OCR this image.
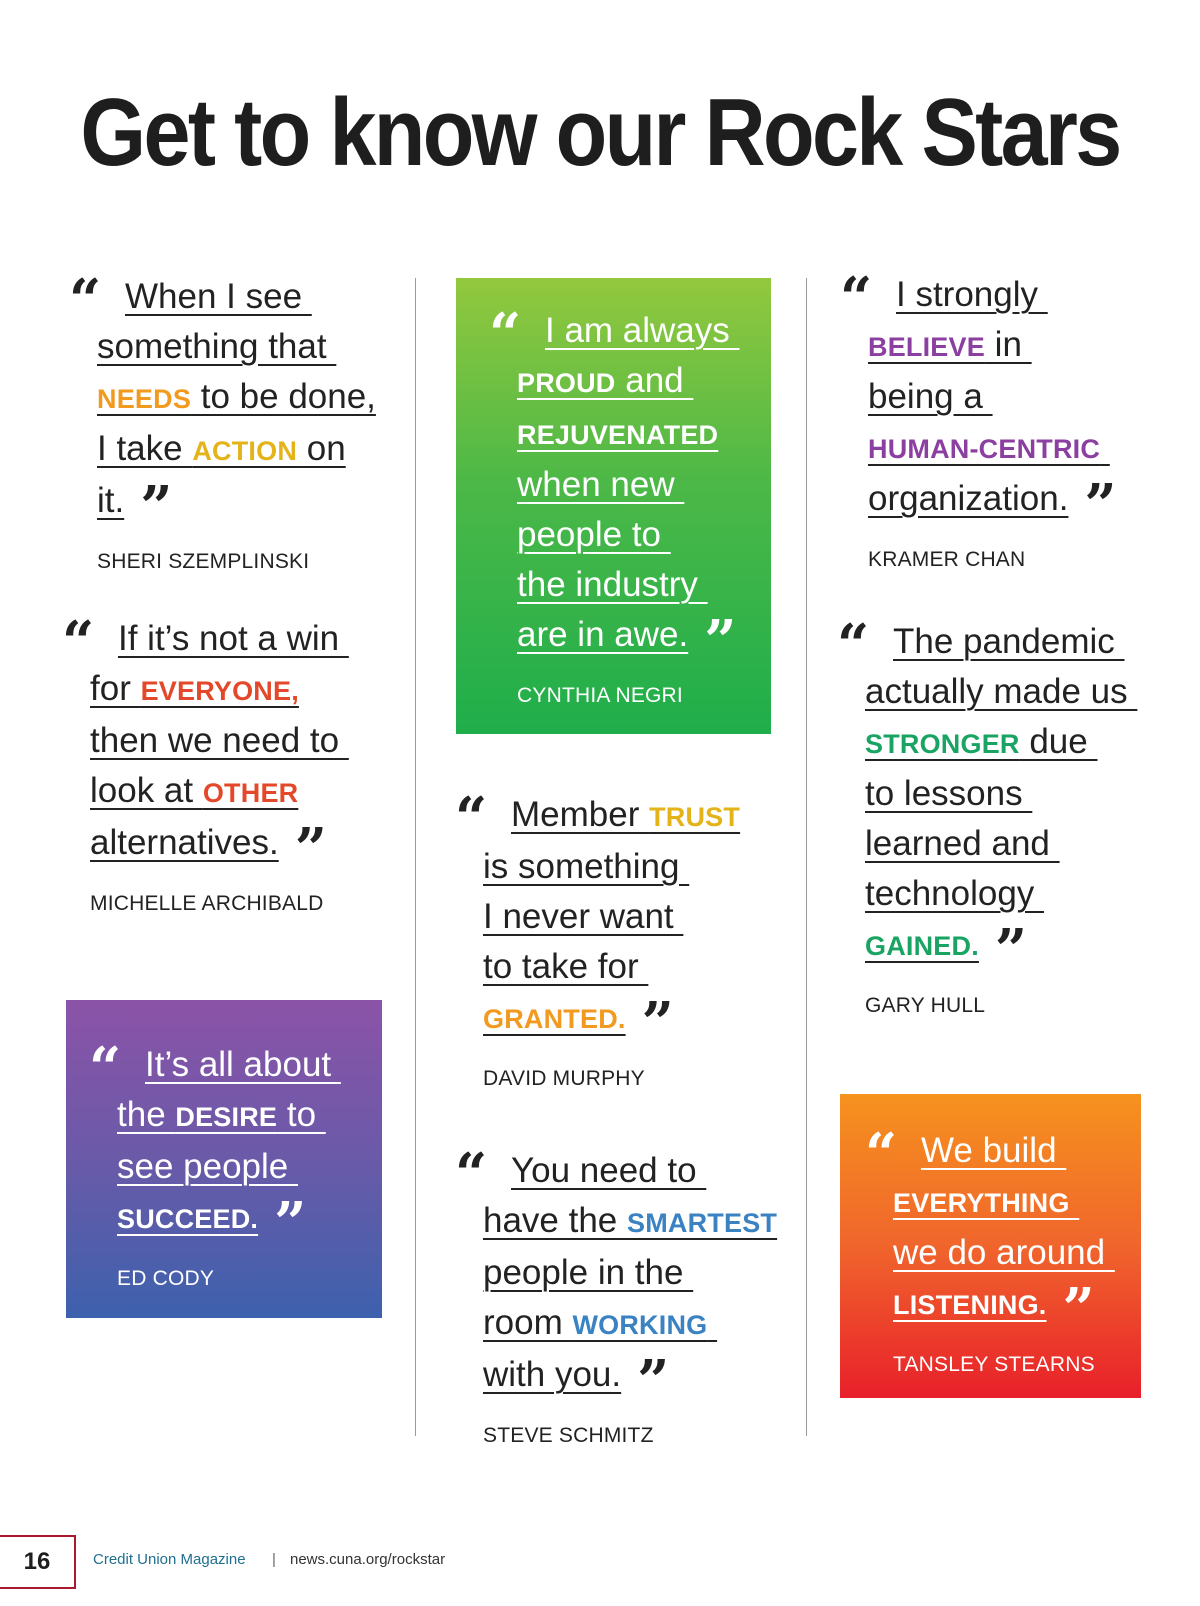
Get to know our Rock Stars
“ When I see
something that
NEEDS to be done,
I take ACTION on
it. ”
SHERI SZEMPLINSKI
“ If it’s not a win
for EVERYONE,
then we need to
look at OTHER
alternatives. ”
MICHELLE ARCHIBALD
“ It’s all about
the DESIRE to
see people
SUCCEED. ”
ED CODY
“ I am always
PROUD and
REJUVENATED
when new
people to
the industry
are in awe. ”
CYNTHIA NEGRI
“ Member TRUST
is something
I never want
to take for
GRANTED. ”
DAVID MURPHY
“ You need to
have the SMARTEST
people in the
room WORKING
with you. ”
STEVE SCHMITZ
“ I strongly
BELIEVE in
being a
HUMAN-CENTRIC
organization. ”
KRAMER CHAN
“ The pandemic
actually made us
STRONGER due
to lessons
learned and
technology
GAINED. ”
GARY HULL
“ We build
EVERYTHING
we do around
LISTENING. ”
TANSLEY STEARNS
16	Credit Union Magazine | news.cuna.org/rockstar
